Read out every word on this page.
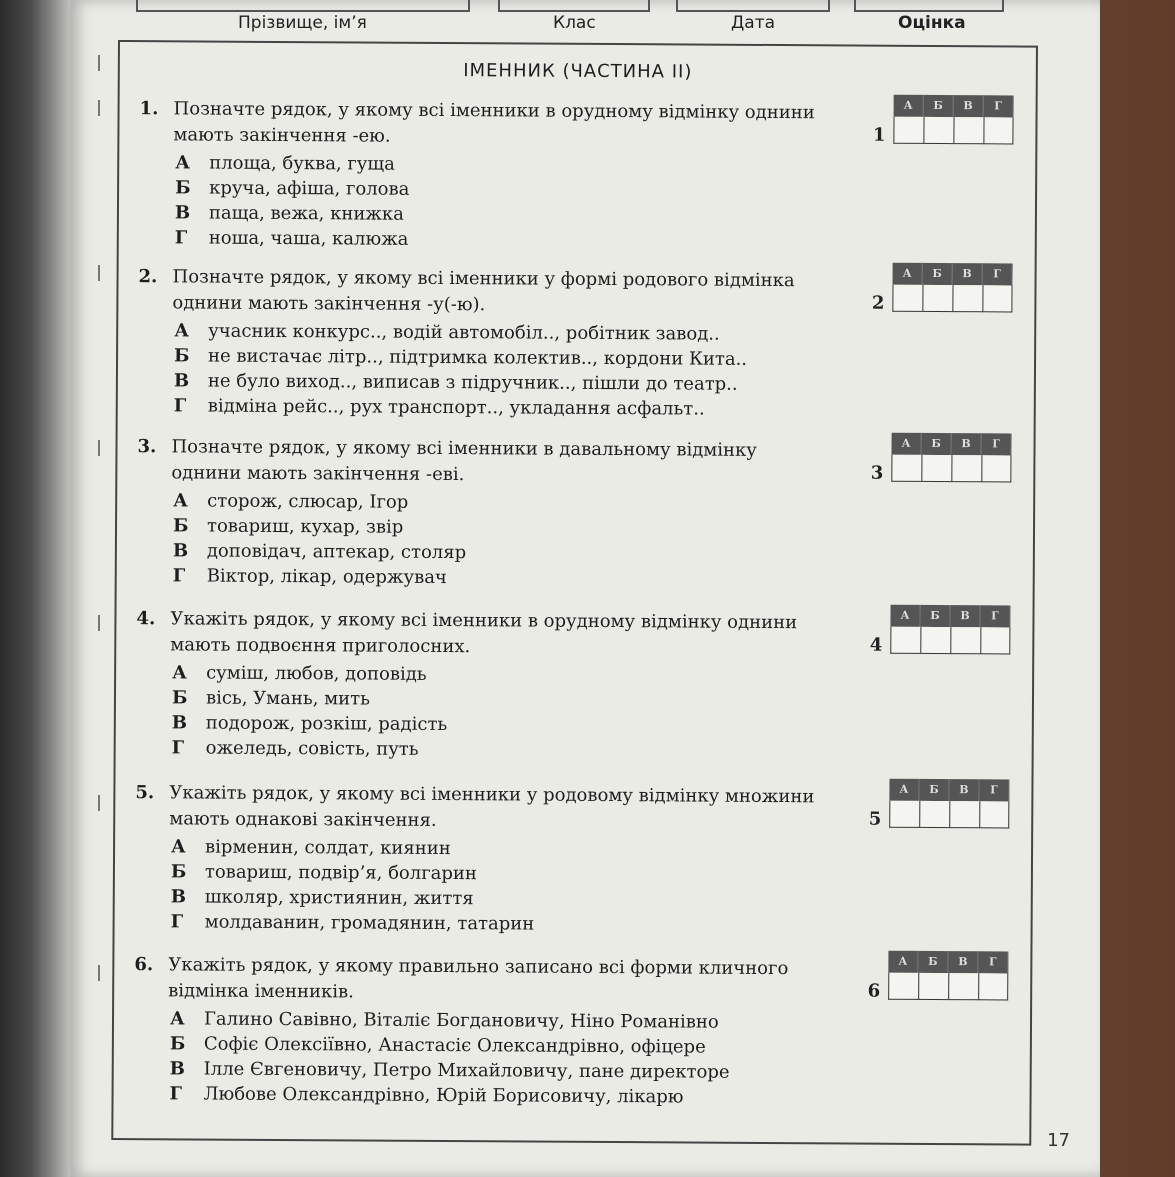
Прізвище, ім’я	Клас	Дата	Оцінка
ІМЕННИК (ЧАСТИНА ІІ)
1. Позначте рядок, у якому всі іменники в орудному відмінку однини мають закінчення -ею.
А площа, буква, гуща
Б круча, афіша, голова
В паща, вежа, книжка
Г ноша, чаша, калюжа
1
А	Б	В	Г
2. Позначте рядок, у якому всі іменники у формі родового відмінка однини мають закінчення -у(-ю).
А учасник конкурс.., водій автомобіл.., робітник завод..
Б не вистачає літр.., підтримка колектив.., кордони Кита..
В не було виход.., виписав з підручник.., пішли до театр..
Г відміна рейс.., рух транспорт.., укладання асфальт..
2
А	Б	В	Г
3. Позначте рядок, у якому всі іменники в давальному відмінку однини мають закінчення -еві.
А сторож, слюсар, Ігор
Б товариш, кухар, звір
В доповідач, аптекар, столяр
Г Віктор, лікар, одержувач
3
А	Б	В	Г
4. Укажіть рядок, у якому всі іменники в орудному відмінку однини мають подвоєння приголосних.
А суміш, любов, доповідь
Б вісь, Умань, мить
В подорож, розкіш, радість
Г ожеледь, совість, путь
4
А	Б	В	Г
5. Укажіть рядок, у якому всі іменники у родовому відмінку множини мають однакові закінчення.
А вірменин, солдат, киянин
Б товариш, подвір’я, болгарин
В школяр, християнин, життя
Г молдаванин, громадянин, татарин
5
А	Б	В	Г
6. Укажіть рядок, у якому правильно записано всі форми кличного відмінка іменників.
А Галино Савівно, Віталіє Богдановичу, Ніно Романівно
Б Софіє Олексіївно, Анастасіє Олександрівно, офіцере
В Ілле Євгеновичу, Петро Михайловичу, пане директоре
Г Любове Олександрівно, Юрій Борисовичу, лікарю
6
А	Б	В	Г
17
